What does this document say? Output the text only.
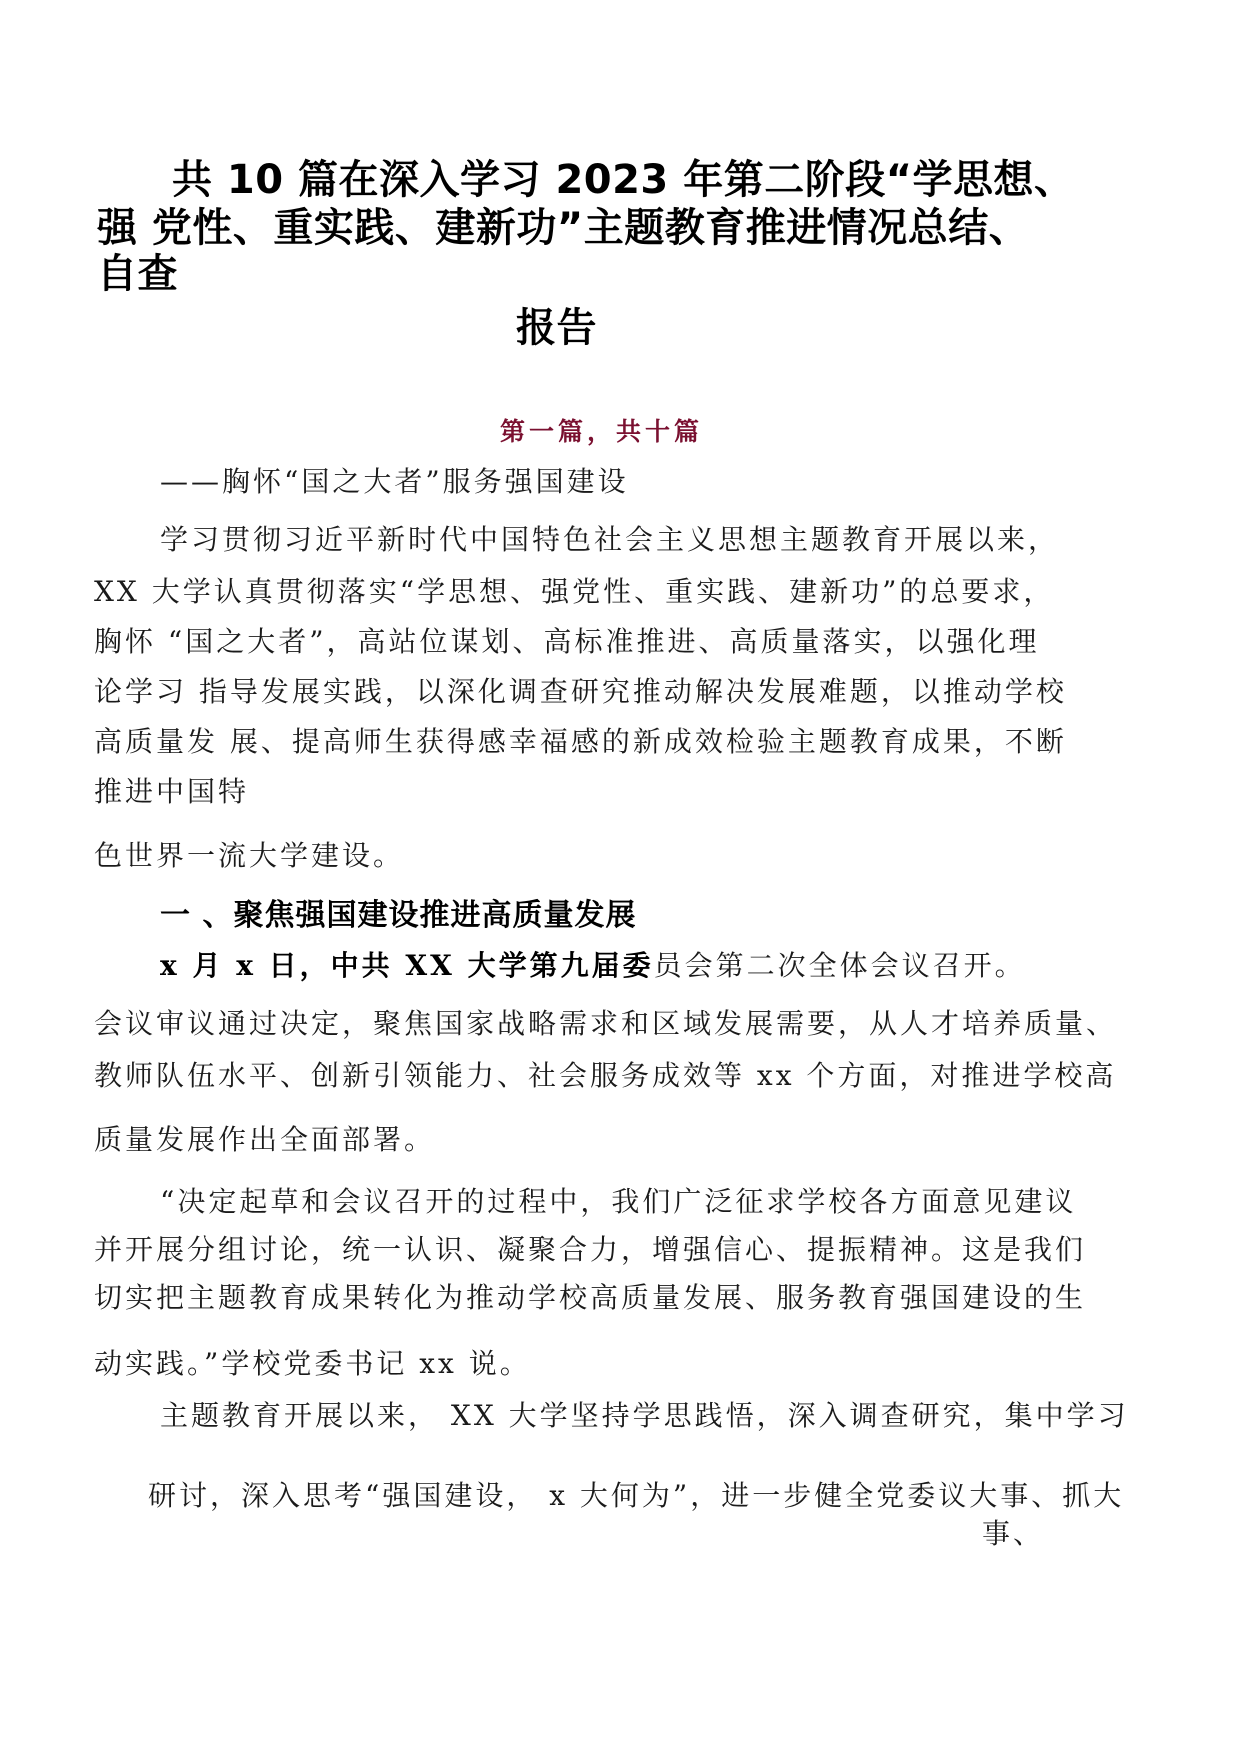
共 10 篇在深入学习 2023 年第二阶段“学思想、
强 党性、重实践、建新功”主题教育推进情况总结、
自查
报告
第一篇，共十篇
——胸怀“国之大者”服务强国建设
学习贯彻习近平新时代中国特色社会主义思想主题教育开展以来，
XX 大学认真贯彻落实“学思想、强党性、重实践、建新功”的总要求，
胸怀 “国之大者”，高站位谋划、高标准推进、高质量落实，以强化理
论学习 指导发展实践，以深化调查研究推动解决发展难题，以推动学校
高质量发 展、提高师生获得感幸福感的新成效检验主题教育成果，不断
推进中国特
色世界一流大学建设。
一 、聚焦强国建设推进高质量发展
x 月 x 日，中共 XX 大学第九届委员会第二次全体会议召开。
会议审议通过决定，聚焦国家战略需求和区域发展需要，从人才培养质量、
教师队伍水平、创新引领能力、社会服务成效等 xx 个方面，对推进学校高
质量发展作出全面部署。
“决定起草和会议召开的过程中，我们广泛征求学校各方面意见建议
并开展分组讨论，统一认识、凝聚合力，增强信心、提振精神。这是我们
切实把主题教育成果转化为推动学校高质量发展、服务教育强国建设的生
动实践。”学校党委书记 xx 说。
主题教育开展以来， XX 大学坚持学思践悟，深入调查研究，集中学习
研讨，深入思考“强国建设， x 大何为”，进一步健全党委议大事、抓大
事、
